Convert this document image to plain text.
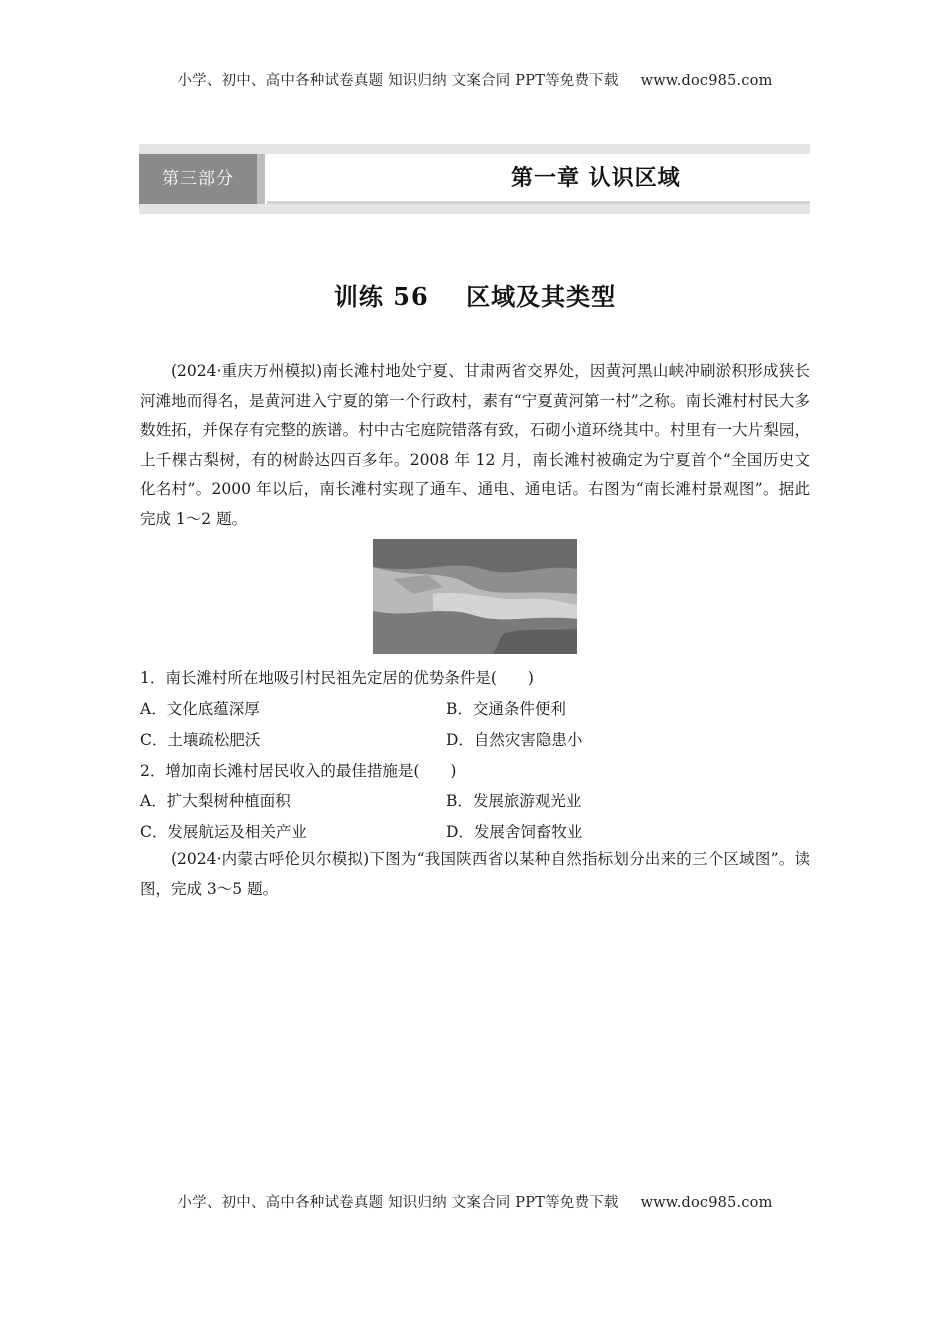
小学、初中、高中各种试卷真题 知识归纳 文案合同 PPT等免费下载 www.doc985.com
第三部分	第一章 认识区域
训练 56    区域及其类型
(2024·重庆万州模拟)南长滩村地处宁夏、甘肃两省交界处，因黄河黑山峡冲刷淤积形成狭长河滩地而得名，是黄河进入宁夏的第一个行政村，素有“宁夏黄河第一村”之称。南长滩村村民大多数姓拓，并保存有完整的族谱。村中古宅庭院错落有致，石砌小道环绕其中。村里有一大片梨园，上千棵古梨树，有的树龄达四百多年。2008 年 12 月，南长滩村被确定为宁夏首个“全国历史文化名村”。2000 年以后，南长滩村实现了通车、通电、通电话。右图为“南长滩村景观图”。据此完成 1～2 题。
1．南长滩村所在地吸引村民祖先定居的优势条件是(　　)
A．文化底蕴深厚	B．交通条件便利
C．土壤疏松肥沃	D．自然灾害隐患小
2．增加南长滩村居民收入的最佳措施是(　　)
A．扩大梨树种植面积	B．发展旅游观光业
C．发展航运及相关产业	D．发展舍饲畜牧业
(2024·内蒙古呼伦贝尔模拟)下图为“我国陕西省以某种自然指标划分出来的三个区域图”。读图，完成 3～5 题。
小学、初中、高中各种试卷真题 知识归纳 文案合同 PPT等免费下载 www.doc985.com
